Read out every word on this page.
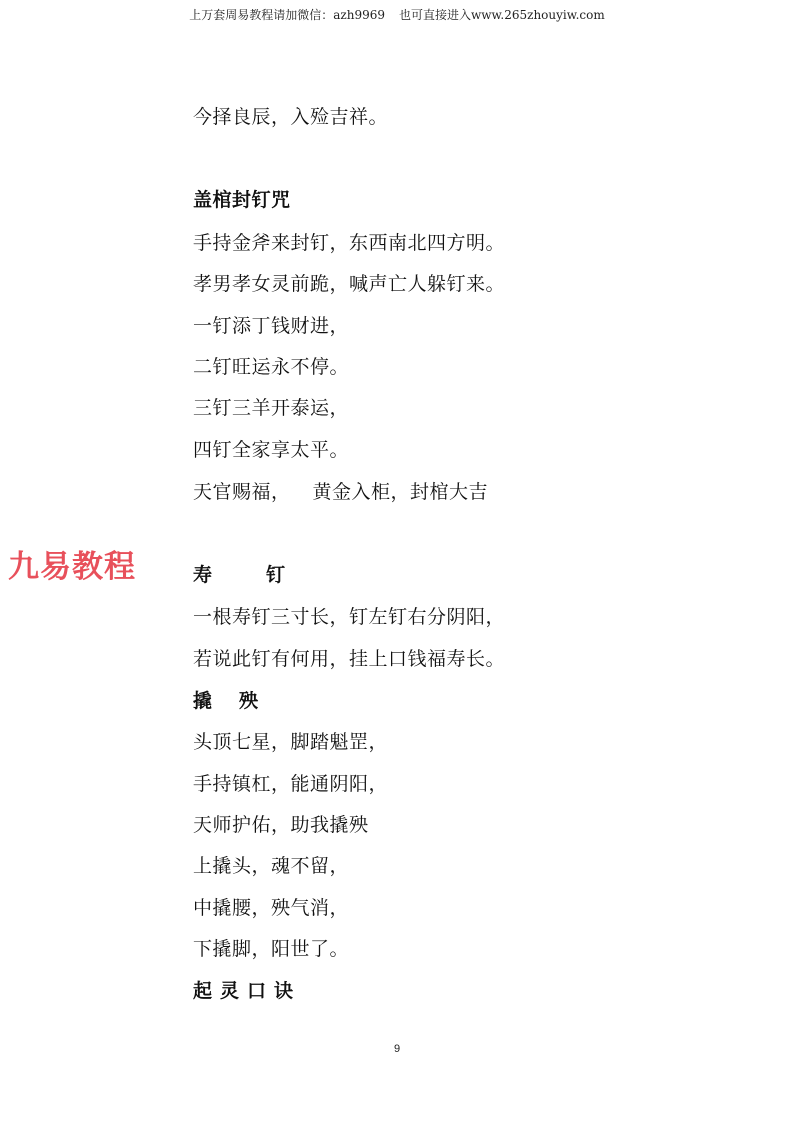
上万套周易教程请加微信：azh9969 也可直接进入www.265zhouyiw.com
九易教程
今择良辰，入殓吉祥。
盖棺封钉咒
手持金斧来封钉，东西南北四方明。
孝男孝女灵前跪，喊声亡人躲钉来。
一钉添丁钱财进，
二钉旺运永不停。
三钉三羊开泰运，
四钉全家享太平。
天官赐福， 黄金入柜，封棺大吉
寿钉
一根寿钉三寸长，钉左钉右分阴阳，
若说此钉有何用，挂上口钱福寿长。
撬殃
头顶七星，脚踏魁罡，
手持镇杠，能通阴阳，
天师护佑，助我撬殃
上撬头，魂不留，
中撬腰，殃气消，
下撬脚，阳世了。
起灵口诀
9
